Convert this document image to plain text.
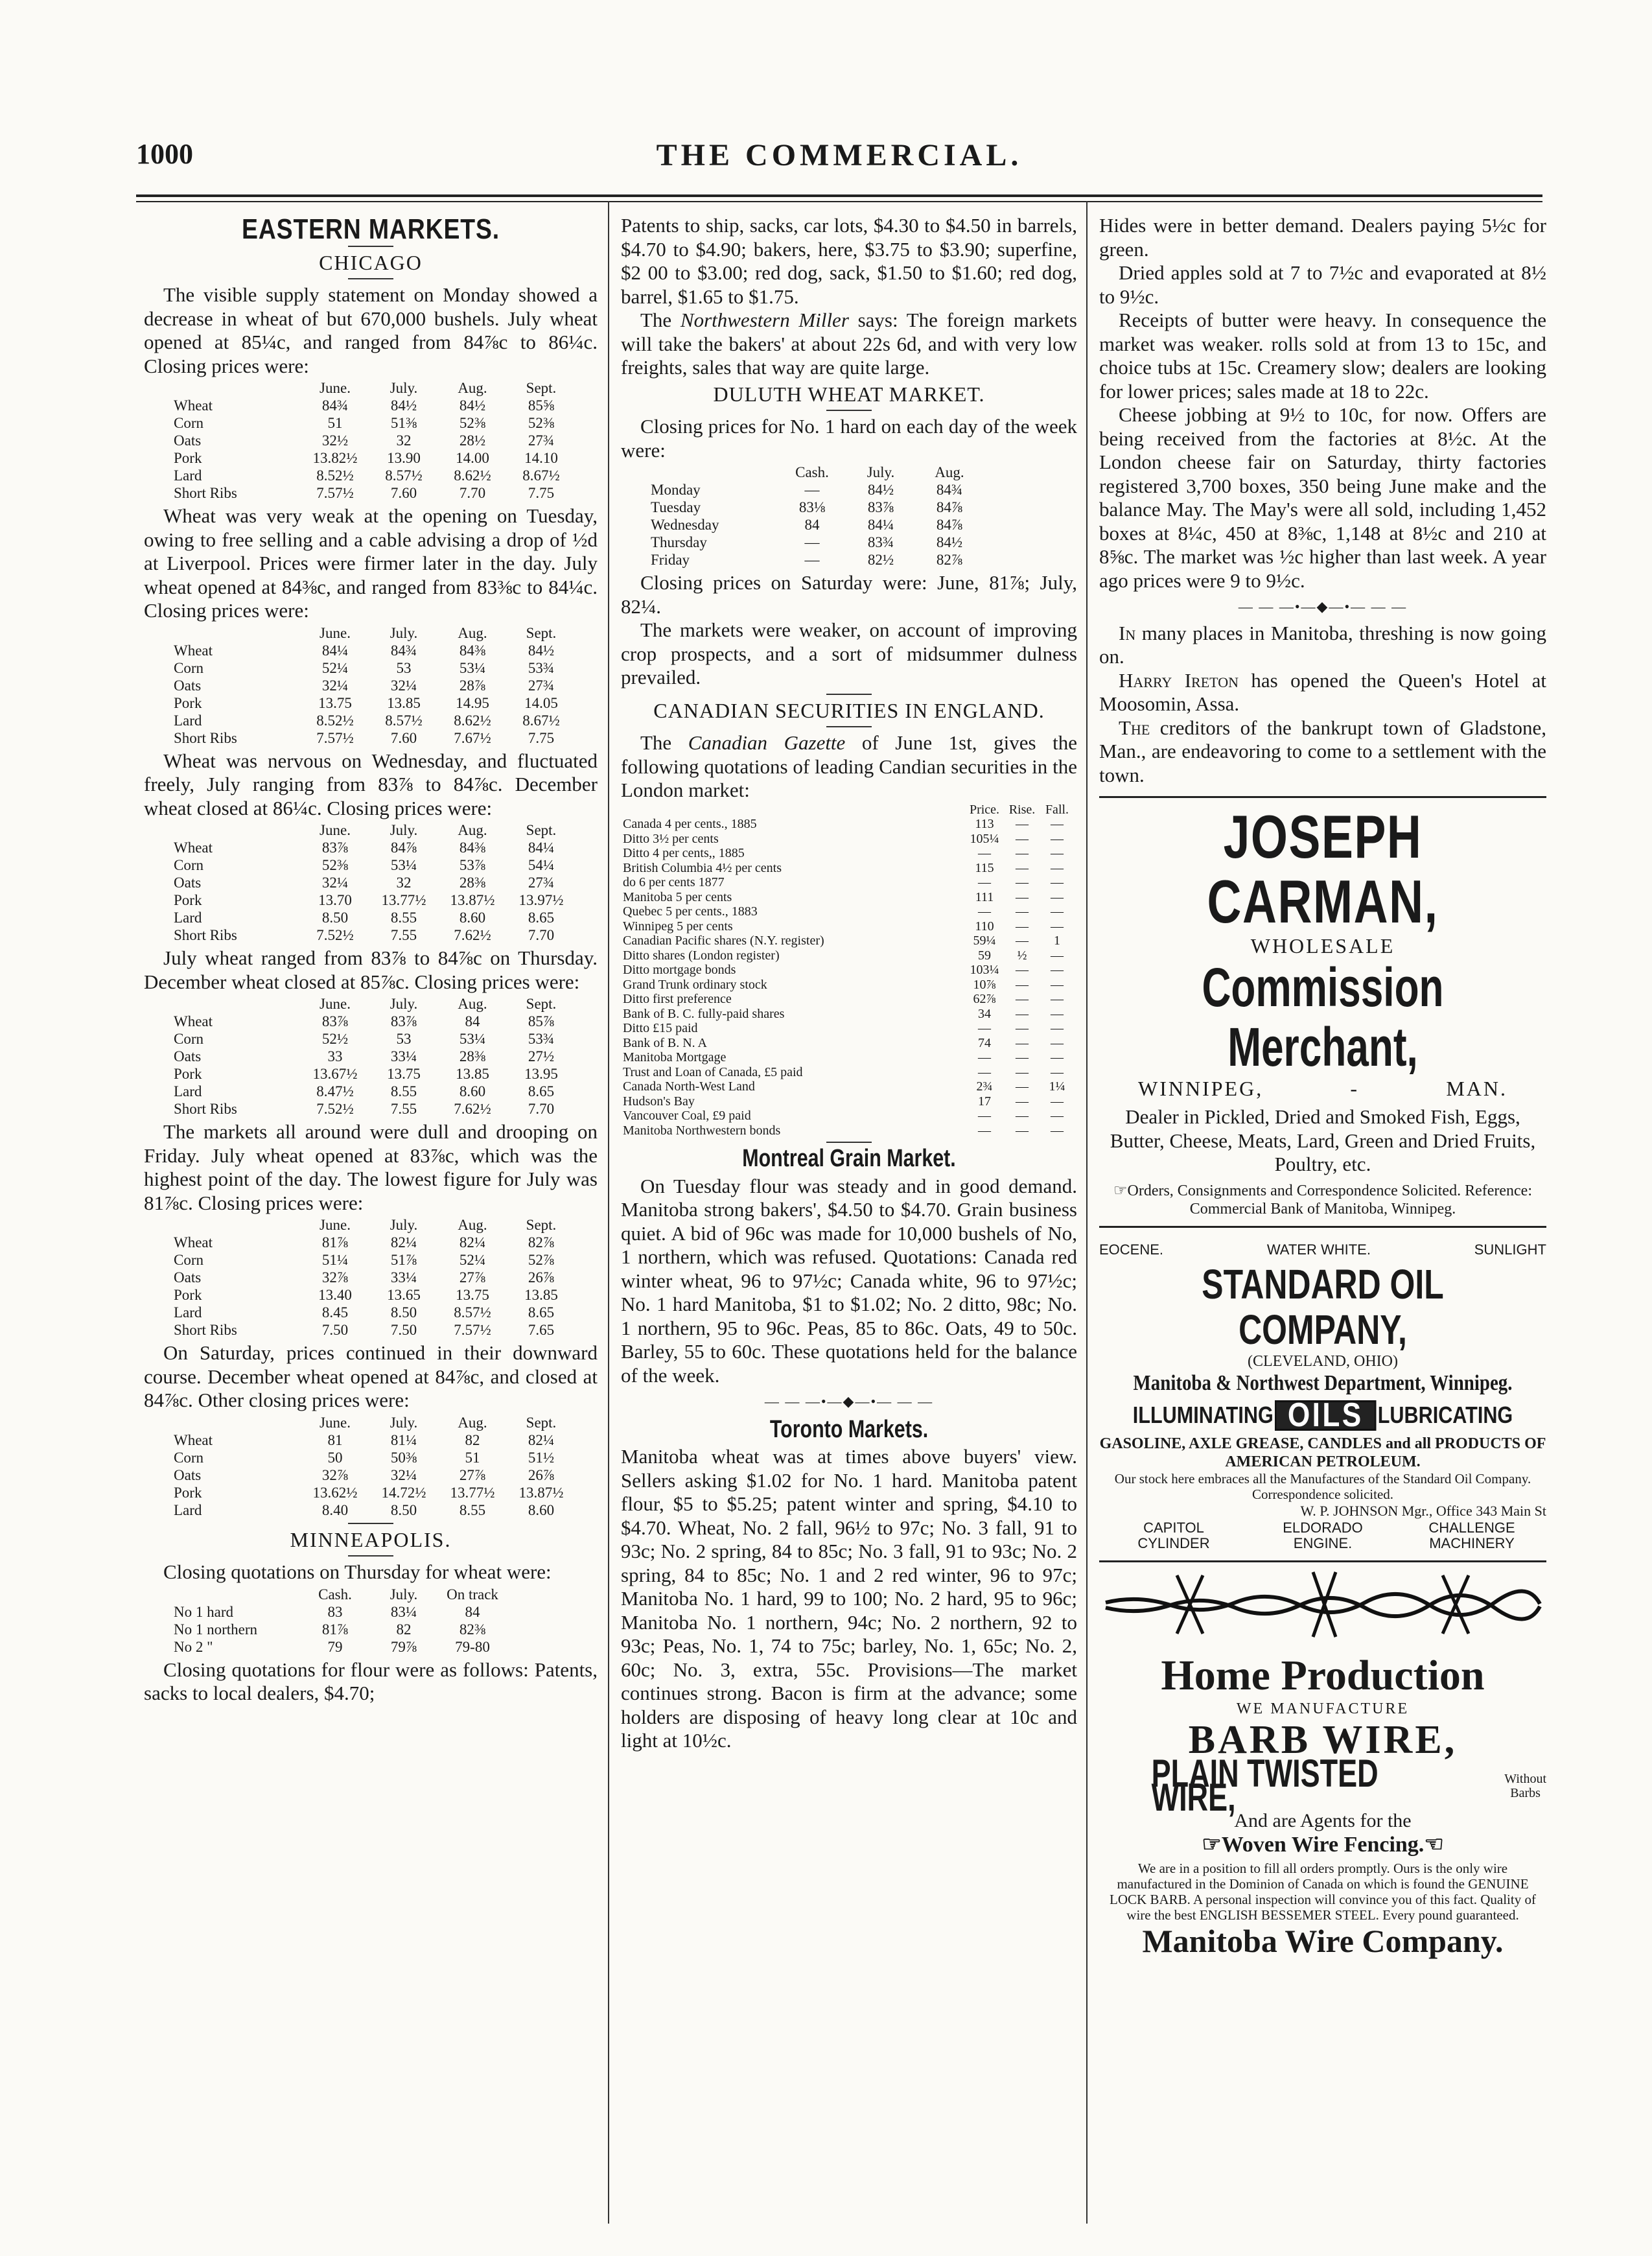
1000	THE COMMERCIAL.
EASTERN MARKETS.
CHICAGO

The visible supply statement on Monday showed a decrease in wheat of but 670,000 bushels. July wheat opened at 85¼c, and ranged from 84⅞c to 86¼c. Closing prices were:

	June.	July.	Aug.	Sept.
Wheat	84¾	84½	84½	85⅝
Corn	51	51⅜	52⅜	52⅜
Oats	32½	32	28½	27¾
Pork	13.82½	13.90	14.00	14.10
Lard	8.52½	8.57½	8.62½	8.67½
Short Ribs	7.57½	7.60	7.70	7.75

Wheat was very weak at the opening on Tuesday, owing to free selling and a cable advising a drop of ½d at Liverpool. Prices were firmer later in the day. July wheat opened at 84⅜c, and ranged from 83⅜c to 84¼c. Closing prices were:

	June.	July.	Aug.	Sept.
Wheat	84¼	84¾	84⅜	84½
Corn	52¼	53	53¼	53¾
Oats	32¼	32¼	28⅞	27¾
Pork	13.75	13.85	14.95	14.05
Lard	8.52½	8.57½	8.62½	8.67½
Short Ribs	7.57½	7.60	7.67½	7.75

Wheat was nervous on Wednesday, and fluctuated freely, July ranging from 83⅞ to 84⅞c. December wheat closed at 86¼c. Closing prices were:

	June.	July.	Aug.	Sept.
Wheat	83⅞	84⅞	84⅜	84¼
Corn	52⅜	53¼	53⅞	54¼
Oats	32¼	32	28⅜	27¾
Pork	13.70	13.77½	13.87½	13.97½
Lard	8.50	8.55	8.60	8.65
Short Ribs	7.52½	7.55	7.62½	7.70

July wheat ranged from 83⅞ to 84⅞c on Thursday. December wheat closed at 85⅞c. Closing prices were:

	June.	July.	Aug.	Sept.
Wheat	83⅞	83⅞	84	85⅞
Corn	52½	53	53¼	53¾
Oats	33	33¼	28⅜	27½
Pork	13.67½	13.75	13.85	13.95
Lard	8.47½	8.55	8.60	8.65
Short Ribs	7.52½	7.55	7.62½	7.70

The markets all around were dull and drooping on Friday. July wheat opened at 83⅞c, which was the highest point of the day. The lowest figure for July was 81⅞c. Closing prices were:

	June.	July.	Aug.	Sept.
Wheat	81⅞	82¼	82¼	82⅞
Corn	51¼	51⅞	52¼	52⅞
Oats	32⅞	33¼	27⅞	26⅞
Pork	13.40	13.65	13.75	13.85
Lard	8.45	8.50	8.57½	8.65
Short Ribs	7.50	7.50	7.57½	7.65

On Saturday, prices continued in their downward course. December wheat opened at 84⅞c, and closed at 84⅞c. Other closing prices were:

	June.	July.	Aug.	Sept.
Wheat	81	81¼	82	82¼
Corn	50	50⅜	51	51½
Oats	32⅞	32¼	27⅞	26⅞
Pork	13.62½	14.72½	13.77½	13.87½
Lard	8.40	8.50	8.55	8.60
MINNEAPOLIS.

Closing quotations on Thursday for wheat were:

	Cash.	July.	On track
No 1 hard	83	83¼	84
No 1 northern	81⅞	82	82⅜
No 2 "	79	79⅞	79-80

Closing quotations for flour were as follows: Patents, sacks to local dealers, $4.70;

Patents to ship, sacks, car lots, $4.30 to $4.50 in barrels, $4.70 to $4.90; bakers, here, $3.75 to $3.90; superfine, $2 00 to $3.00; red dog, sack, $1.50 to $1.60; red dog, barrel, $1.65 to $1.75.

The Northwestern Miller says: The foreign markets will take the bakers' at about 22s 6d, and with very low freights, sales that way are quite large.

DULUTH WHEAT MARKET.

Closing prices for No. 1 hard on each day of the week were:

	Cash.	July.	Aug.
Monday	—	84½	84¾
Tuesday	83⅛	83⅞	84⅞
Wednesday	84	84¼	84⅞
Thursday	—	83¾	84½
Friday	—	82½	82⅞

Closing prices on Saturday were: June, 81⅞; July, 82¼.

The markets were weaker, on account of improving crop prospects, and a sort of midsummer dulness prevailed.

CANADIAN SECURITIES IN ENGLAND.

The Canadian Gazette of June 1st, gives the following quotations of leading Candian securities in the London market:

	Price.	Rise.	Fall.
Canada 4 per cents., 1885	113	—	—
Ditto 3½ per cents	105¼	—	—
Ditto 4 per cents,, 1885	—	—	—
British Columbia 4½ per cents	115	—	—
do 6 per cents 1877	—	—	—
Manitoba 5 per cents	111	—	—
Quebec 5 per cents., 1883	—	—	—
Winnipeg 5 per cents	110	—	—
Canadian Pacific shares (N.Y. register)	59¼	—	1
Ditto shares (London register)	59	½	—
Ditto mortgage bonds	103¼	—	—
Grand Trunk ordinary stock	10⅞	—	—
Ditto first preference	62⅞	—	—
Bank of B. C. fully-paid shares	34	—	—
Ditto £15 paid	—	—	—
Bank of B. N. A	74	—	—
Manitoba Mortgage	—	—	—
Trust and Loan of Canada, £5 paid	—	—	—
Canada North-West Land	2¾	—	1¼
Hudson's Bay	17	—	—
Vancouver Coal, £9 paid	—	—	—
Manitoba Northwestern bonds	—	—	—
Montreal Grain Market.

On Tuesday flour was steady and in good demand. Manitoba strong bakers', $4.50 to $4.70. Grain business quiet. A bid of 96c was made for 10,000 bushels of No, 1 northern, which was refused. Quotations: Canada red winter wheat, 96 to 97½c; Canada white, 96 to 97½c; No. 1 hard Manitoba, $1 to $1.02; No. 2 ditto, 98c; No. 1 northern, 95 to 96c. Peas, 85 to 86c. Oats, 49 to 50c. Barley, 55 to 60c. These quotations held for the balance of the week.

— — —•—◆—•— — —
Toronto Markets.

Manitoba wheat was at times above buyers' view. Sellers asking $1.02 for No. 1 hard. Manitoba patent flour, $5 to $5.25; patent winter and spring, $4.10 to $4.70. Wheat, No. 2 fall, 96½ to 97c; No. 3 fall, 91 to 93c; No. 2 spring, 84 to 85c; No. 3 fall, 91 to 93c; No. 2 spring, 84 to 85c; No. 1 and 2 red winter, 96 to 97c; Manitoba No. 1 hard, 99 to 100; No. 2 hard, 95 to 96c; Manitoba No. 1 northern, 94c; No. 2 northern, 92 to 93c; Peas, No. 1, 74 to 75c; barley, No. 1, 65c; No. 2, 60c; No. 3, extra, 55c. Provisions—The market continues strong. Bacon is firm at the advance; some holders are disposing of heavy long clear at 10c and light at 10½c.

Hides were in better demand. Dealers paying 5½c for green.

Dried apples sold at 7 to 7½c and evaporated at 8½ to 9½c.

Receipts of butter were heavy. In consequence the market was weaker. rolls sold at from 13 to 15c, and choice tubs at 15c. Creamery slow; dealers are looking for lower prices; sales made at 18 to 22c.

Cheese jobbing at 9½ to 10c, for now. Offers are being received from the factories at 8½c. At the London cheese fair on Saturday, thirty factories registered 3,700 boxes, 350 being June make and the balance May. The May's were all sold, including 1,452 boxes at 8¼c, 450 at 8⅜c, 1,148 at 8½c and 210 at 8⅝c. The market was ½c higher than last week. A year ago prices were 9 to 9½c.

— — —•—◆—•— — —

In many places in Manitoba, threshing is now going on.

Harry Ireton has opened the Queen's Hotel at Moosomin, Assa.

The creditors of the bankrupt town of Gladstone, Man., are endeavoring to come to a settlement with the town.

JOSEPH CARMAN,
WHOLESALE
Commission Merchant,
WINNIPEG,	-	MAN.

Dealer in Pickled, Dried and Smoked Fish, Eggs, Butter, Cheese, Meats, Lard, Green and Dried Fruits, Poultry, etc.

☞Orders, Consignments and Correspondence Solicited. Reference: Commercial Bank of Manitoba, Winnipeg.

EOCENE.	WATER WHITE.	SUNLIGHT
STANDARD OIL COMPANY,
(CLEVELAND, OHIO)
Manitoba & Northwest Department, Winnipeg.
ILLUMINATING OILS LUBRICATING

GASOLINE, AXLE GREASE, CANDLES and all PRODUCTS OF AMERICAN PETROLEUM.

Our stock here embraces all the Manufactures of the Standard Oil Company. Correspondence solicited.

W. P. JOHNSON Mgr., Office 343 Main St

CAPITOL	ELDORADO	CHALLENGE
CYLINDER	ENGINE.	MACHINERY
Home Production
WE MANUFACTURE
BARB WIRE,
PLAIN TWISTED WIRE,	Without
Barbs
And are Agents for the
☞Woven Wire Fencing.☜

We are in a position to fill all orders promptly. Ours is the only wire manufactured in the Dominion of Canada on which is found the GENUINE LOCK BARB. A personal inspection will convince you of this fact. Quality of wire the best ENGLISH BESSEMER STEEL. Every pound guaranteed.

Manitoba Wire Company.
